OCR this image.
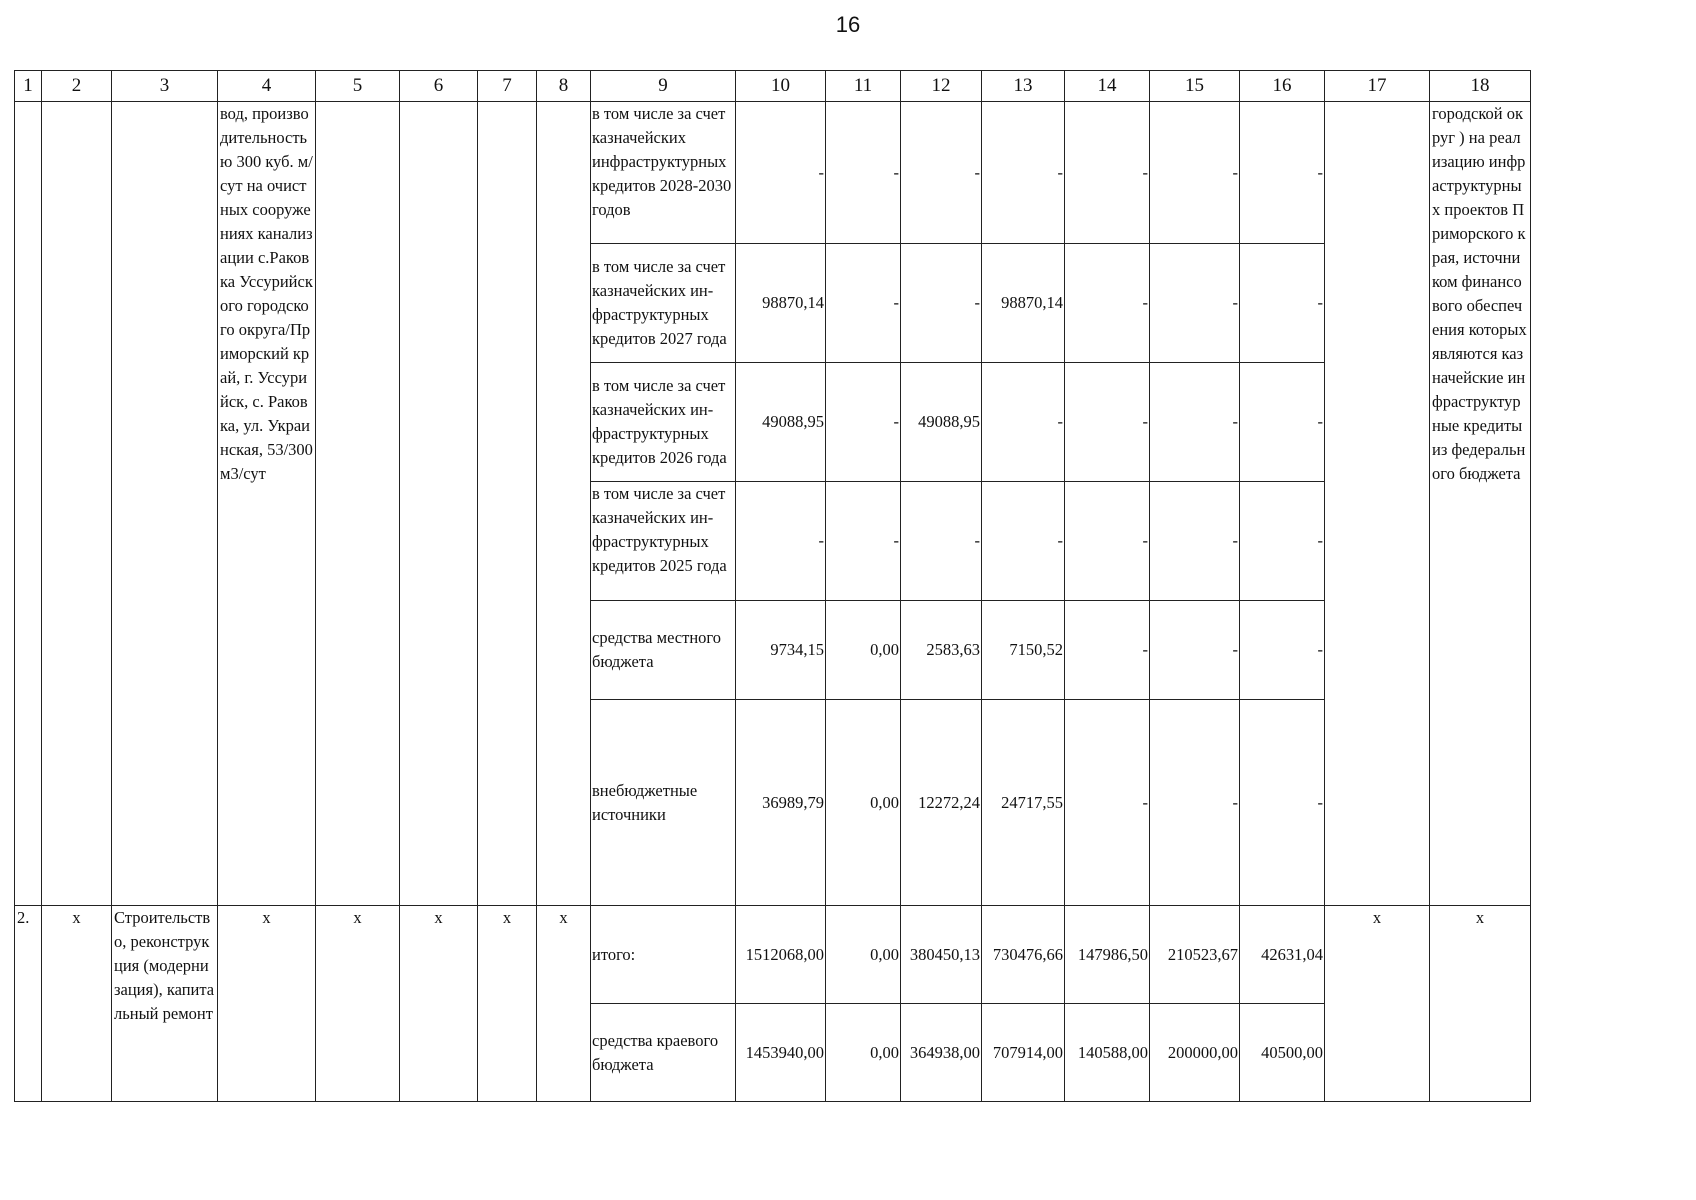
16
1	2	3	4	5	6	7	8	9	10	11	12	13	14	15	16	17	18
			вод, производительностью 300 куб. м/сут на очистных сооружениях канализации с.Раковка Уссурийского городского округа/Приморский край, г. Уссурийск, с. Раковка, ул. Украинская, 53/300 м3/сут					в том числе за счет казначейских инфраструктурных кредитов 2028-2030 годов	-	-	-	-	-	-	-		городской округ ) на реализацию инфраструктурных проектов Приморского края, источником финансового обеспечения которых являются казначейские инфраструктурные кредиты из федерального бюджета
								в том числе за счет казначейских ин-фраструктурных кредитов 2027 года	98870,14	-	-	98870,14	-	-	-		
								в том числе за счет казначейских ин-фраструктурных кредитов 2026 года	49088,95	-	49088,95	-	-	-	-		
								в том числе за счет казначейских ин-фраструктурных кредитов 2025 года	-	-	-	-	-	-	-		
								средства местного бюджета	9734,15	0,00	2583,63	7150,52	-	-	-		
								внебюджетные источники	36989,79	0,00	12272,24	24717,55	-	-	-		
2.	x	Строительство, реконструкция (модернизация), капитальный ремонт	x	x	x	x	x	итого:	1512068,00	0,00	380450,13	730476,66	147986,50	210523,67	42631,04	x	x
								средства краевого бюджета	1453940,00	0,00	364938,00	707914,00	140588,00	200000,00	40500,00		
